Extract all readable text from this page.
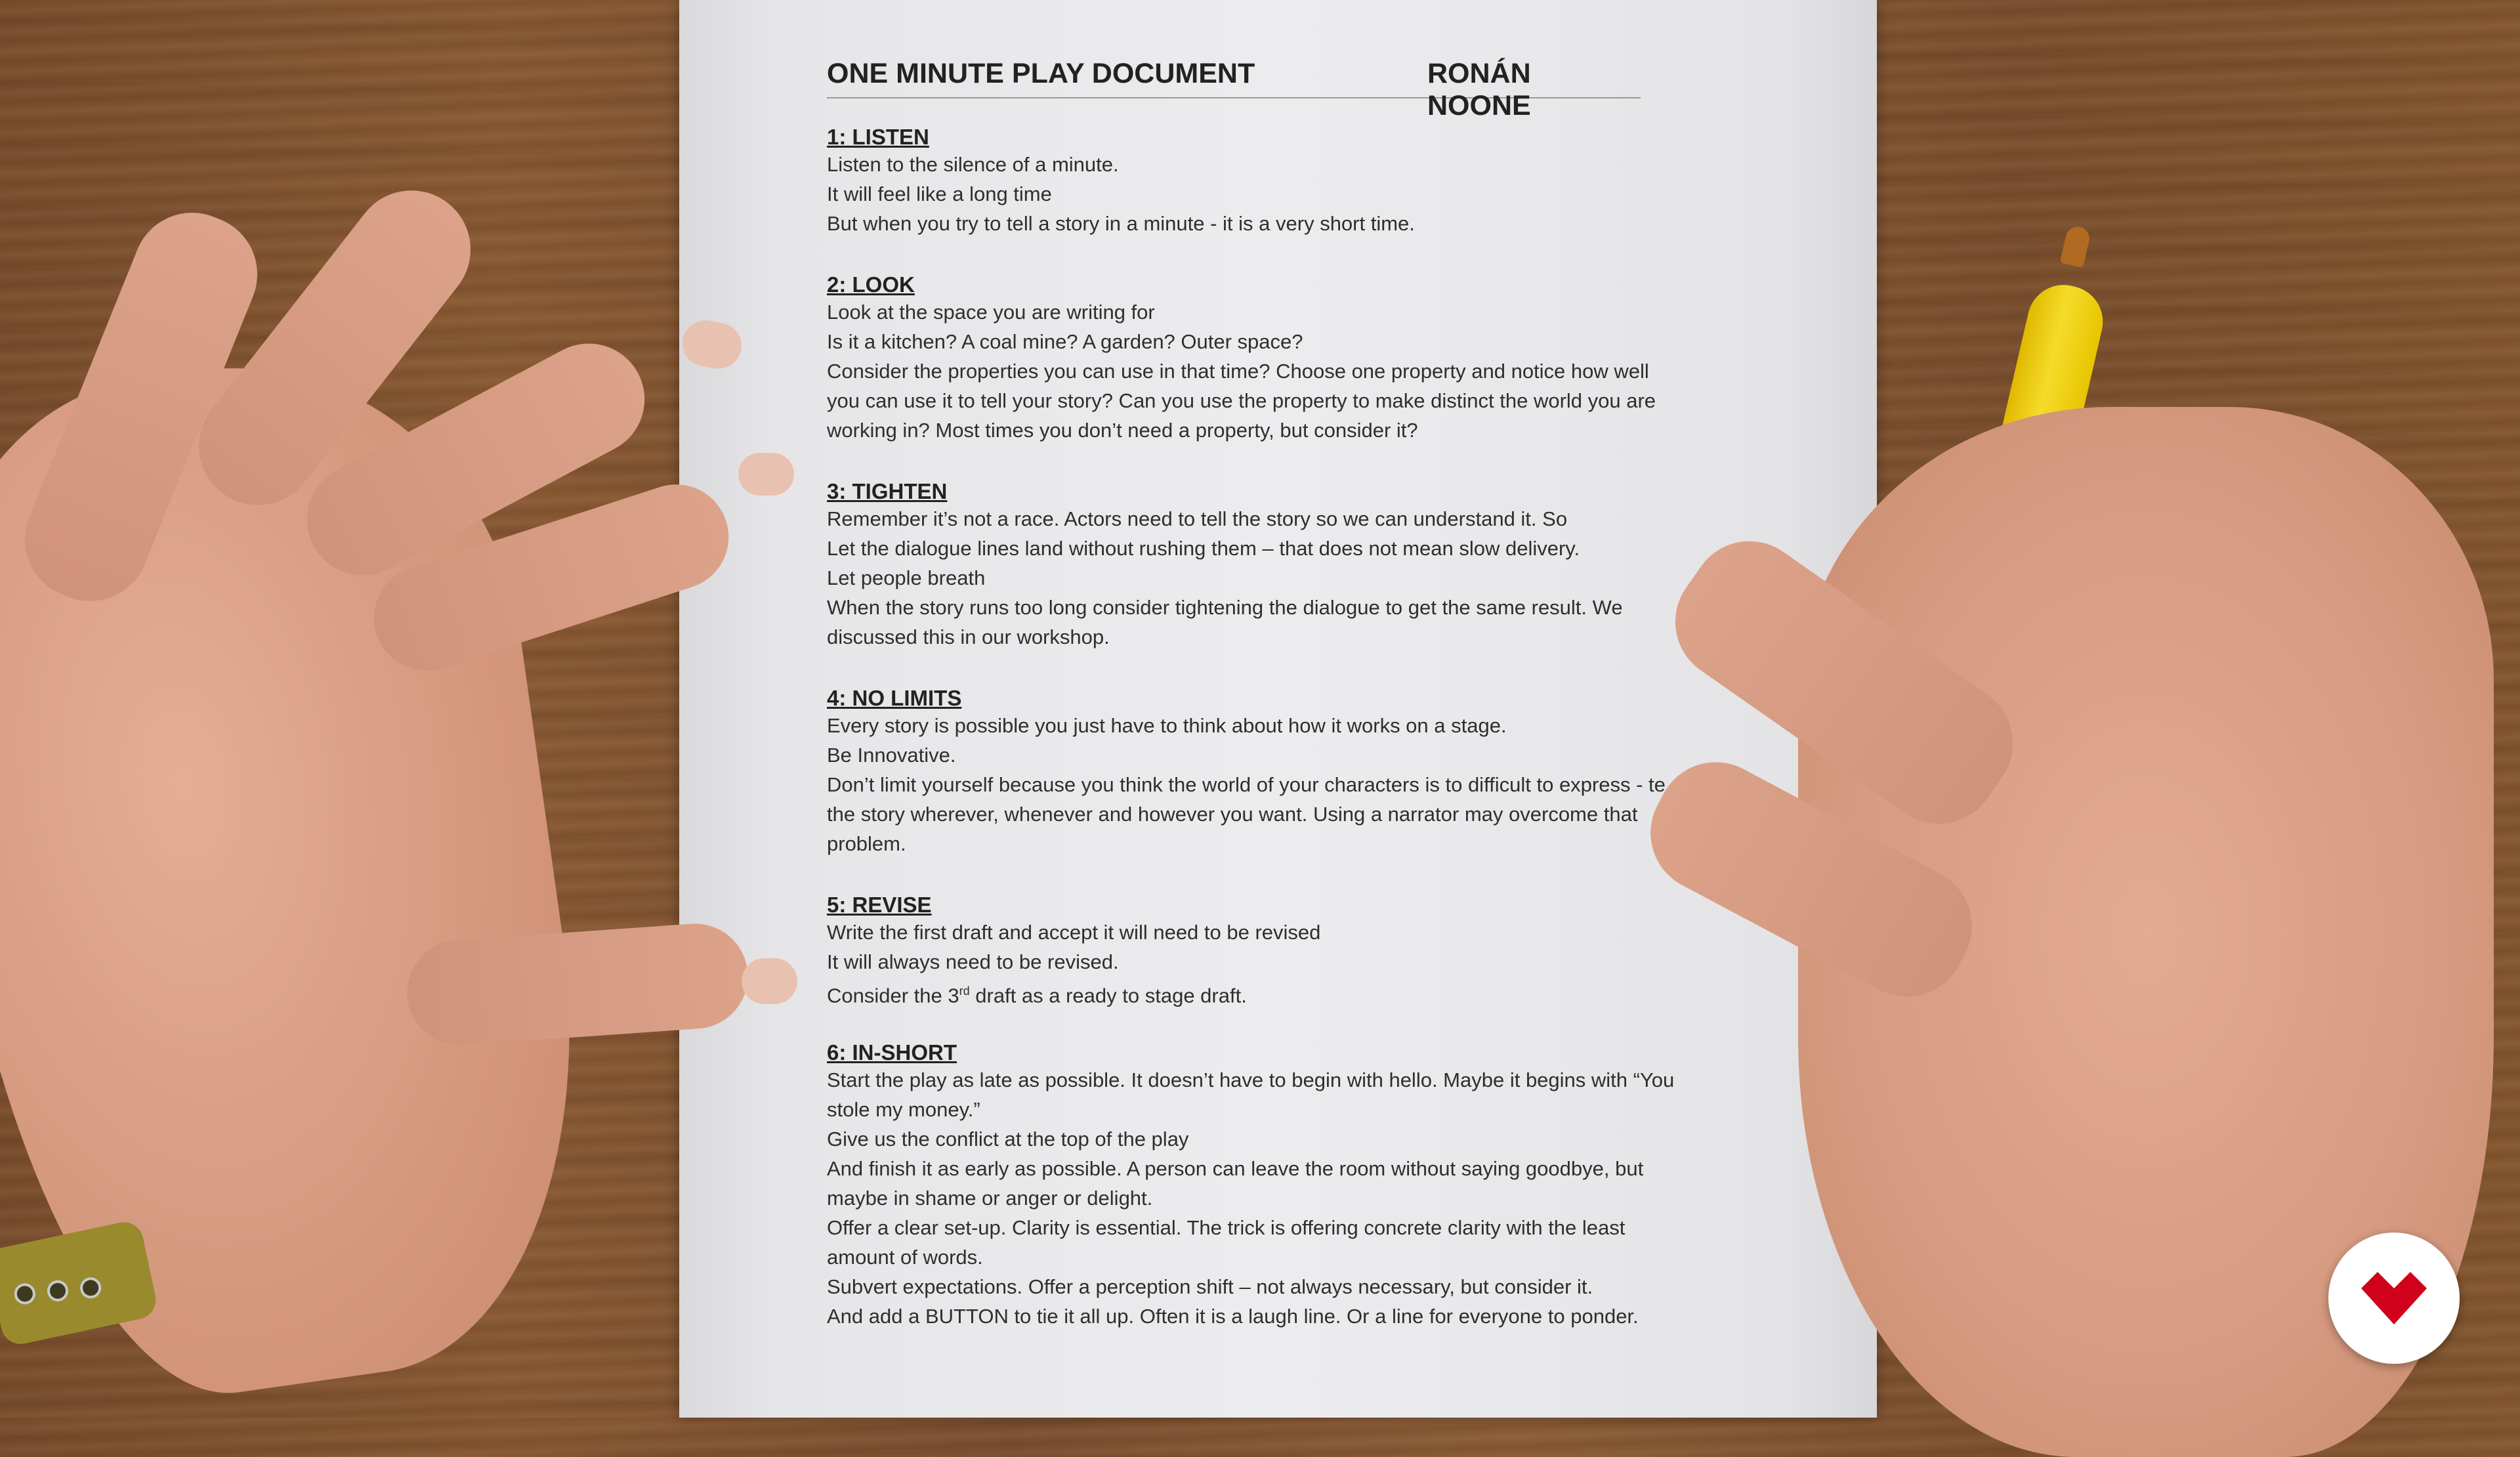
ONE MINUTE PLAY DOCUMENT	RONÁN NOONE
1: LISTEN
Listen to the silence of a minute.
It will feel like a long time
But when you try to tell a story in a minute - it is a very short time.
2: LOOK
Look at the space you are writing for
Is it a kitchen? A coal mine? A garden? Outer space?
Consider the properties you can use in that time? Choose one property and notice how well
you can use it to tell your story? Can you use the property to make distinct the world you are
working in? Most times you don’t need a property, but consider it?
3: TIGHTEN
Remember it’s not a race. Actors need to tell the story so we can understand it. So
Let the dialogue lines land without rushing them – that does not mean slow delivery.
Let people breath
When the story runs too long consider tightening the dialogue to get the same result. We
discussed this in our workshop.
4: NO LIMITS
Every story is possible you just have to think about how it works on a stage.
Be Innovative.
Don’t limit yourself because you think the world of your characters is to difficult to express - te
the story wherever, whenever and however you want. Using a narrator may overcome that
problem.
5: REVISE
Write the first draft and accept it will need to be revised
It will always need to be revised.
Consider the 3rd draft as a ready to stage draft.
6: IN-SHORT
Start the play as late as possible. It doesn’t have to begin with hello. Maybe it begins with “You
stole my money.”
Give us the conflict at the top of the play
And finish it as early as possible. A person can leave the room without saying goodbye, but
maybe in shame or anger or delight.
Offer a clear set-up. Clarity is essential. The trick is offering concrete clarity with the least
amount of words.
Subvert expectations. Offer a perception shift – not always necessary, but consider it.
And add a BUTTON to tie it all up. Often it is a laugh line. Or a line for everyone to ponder.
